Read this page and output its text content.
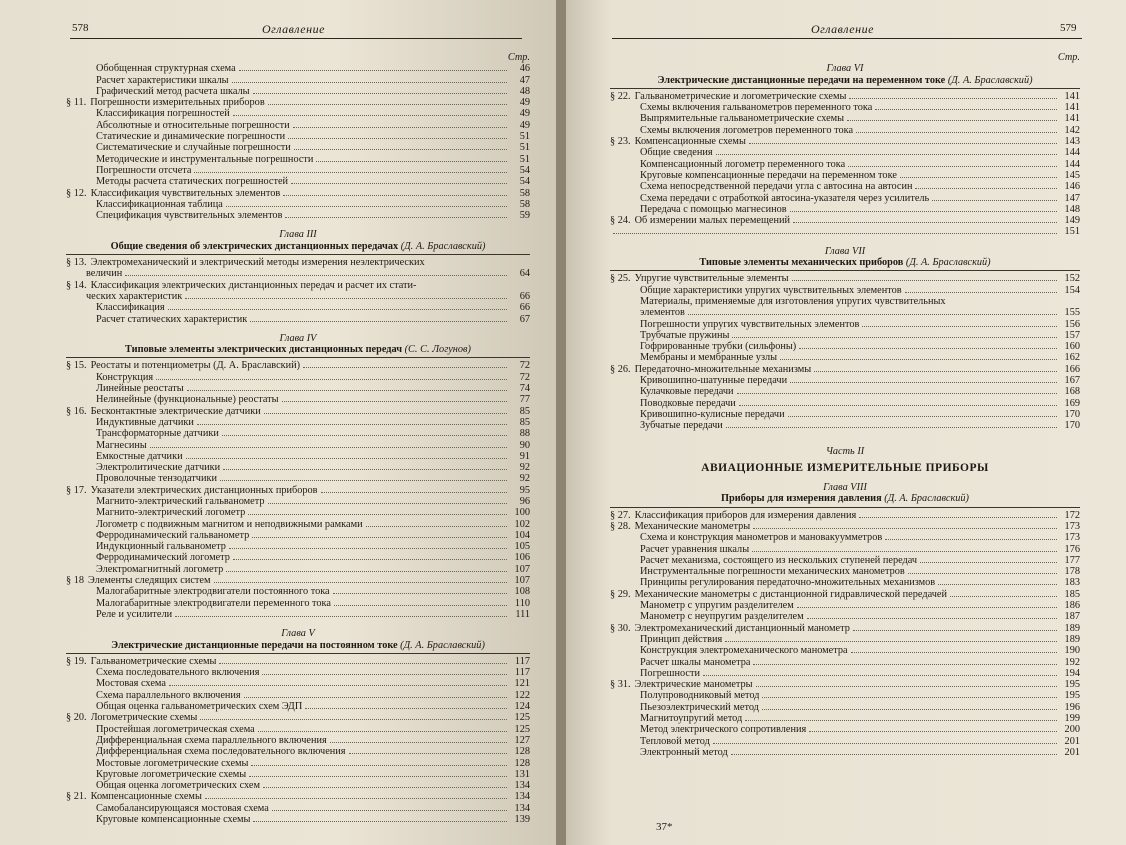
578	Оглавление
Стр.
Обобщенная структурная схема	46
Расчет характеристики шкалы	47
Графический метод расчета шкалы	48
§ 11. Погрешности измерительных приборов	49
Классификация погрешностей	49
Абсолютные и относительные погрешности	49
Статические и динамические погрешности	51
Систематические и случайные погрешности	51
Методические и инструментальные погрешности	51
Погрешности отсчета	54
Методы расчета статических погрешностей	54
§ 12. Классификация чувствительных элементов	58
Классификационная таблица	58
Спецификация чувствительных элементов	59
Глава III
Общие сведения об электрических дистанционных передачах (Д. А. Браславский)
§ 13. Электромеханический и электрический методы измерения неэлектрических
величин	64
§ 14. Классификация электрических дистанционных передач и расчет их стати-
ческих характеристик	66
Классификация	66
Расчет статических характеристик	67
Глава IV
Типовые элементы электрических дистанционных передач (С. С. Логунов)
§ 15. Реостаты и потенциометры (Д. А. Браславский)	72
Конструкция	72
Линейные реостаты	74
Нелинейные (функциональные) реостаты	77
§ 16. Бесконтактные электрические датчики	85
Индуктивные датчики	85
Трансформаторные датчики	88
Магнесины	90
Емкостные датчики	91
Электролитические датчики	92
Проволочные тензодатчики	92
§ 17. Указатели электрических дистанционных приборов	95
Магнито-электрический гальванометр	96
Магнито-электрический логометр	100
Логометр с подвижным магнитом и неподвижными рамками	102
Ферродинамический гальванометр	104
Индукционный гальванометр	105
Ферродинамический логометр	106
Электромагнитный логометр	107
§ 18 Элементы следящих систем	107
Малогабаритные электродвигатели постоянного тока	108
Малогабаритные электродвигатели переменного тока	110
Реле и усилители	111
Глава V
Электрические дистанционные передачи на постоянном токе (Д. А. Браславский)
§ 19. Гальванометрические схемы	117
Схема последовательного включения	117
Мостовая схема	121
Схема параллельного включения	122
Общая оценка гальванометрических схем ЭДП	124
§ 20. Логометрические схемы	125
Простейшая логометрическая схема	125
Дифференциальная схема параллельного включения	127
Дифференциальная схема последовательного включения	128
Мостовые логометрические схемы	128
Круговые логометрические схемы	131
Общая оценка логометрических схем	134
§ 21. Компенсационные схемы	134
Самобалансирующаяся мостовая схема	134
Круговые компенсационные схемы	139
Оглавление	579
Стр.
Глава VI
Электрические дистанционные передачи на переменном токе (Д. А. Браславский)
§ 22. Гальванометрические и логометрические схемы	141
Схемы включения гальванометров переменного тока	141
Выпрямительные гальванометрические схемы	141
Схемы включения логометров переменного тока	142
§ 23. Компенсационные схемы	143
Общие сведения	144
Компенсационный логометр переменного тока	144
Круговые компенсационные передачи на переменном токе	145
Схема непосредственной передачи угла с автосина на автосин	146
Схема передачи с отработкой автосина-указателя через усилитель	147
Передача с помощью магнесинов	148
§ 24. Об измерении малых перемещений	149
151
Глава VII
Типовые элементы механических приборов (Д. А. Браславский)
§ 25. Упругие чувствительные элементы	152
Общие характеристики упругих чувствительных элементов	154
Материалы, применяемые для изготовления упругих чувствительных
элементов	155
Погрешности упругих чувствительных элементов	156
Трубчатые пружины	157
Гофрированные трубки (сильфоны)	160
Мембраны и мембранные узлы	162
§ 26. Передаточно-множительные механизмы	166
Кривошипно-шатунные передачи	167
Кулачковые передачи	168
Поводковые передачи	169
Кривошипно-кулисные передачи	170
Зубчатые передачи	170
Часть II
АВИАЦИОННЫЕ ИЗМЕРИТЕЛЬНЫЕ ПРИБОРЫ
Глава VIII
Приборы для измерения давления (Д. А. Браславский)
§ 27. Классификация приборов для измерения давления	172
§ 28. Механические манометры	173
Схема и конструкция манометров и мановакуумметров	173
Расчет уравнения шкалы	176
Расчет механизма, состоящего из нескольких ступеней передач	177
Инструментальные погрешности механических манометров	178
Принципы регулирования передаточно-множительных механизмов	183
§ 29. Механические манометры с дистанционной гидравлической передачей	185
Манометр с упругим разделителем	186
Манометр с неупругим разделителем	187
§ 30. Электромеханический дистанционный манометр	189
Принцип действия	189
Конструкция электромеханического манометра	190
Расчет шкалы манометра	192
Погрешности	194
§ 31. Электрические манометры	195
Полупроводниковый метод	195
Пьезоэлектрический метод	196
Магнитоупругий метод	199
Метод электрического сопротивления	200
Тепловой метод	201
Электронный метод	201
37*
